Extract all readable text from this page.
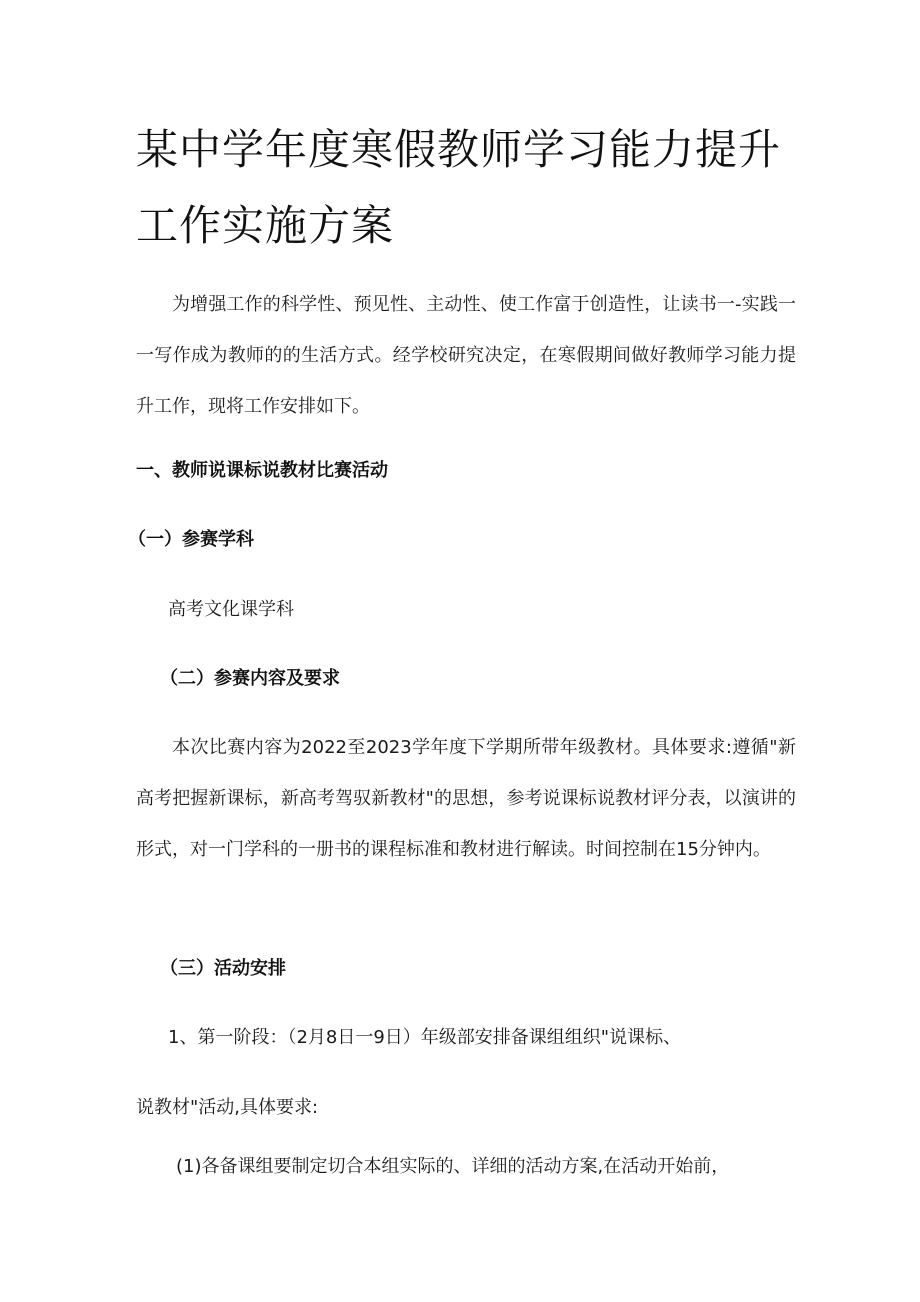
某中学年度寒假教师学习能力提升工作实施方案

为增强工作的科学性、预见性、主动性、使工作富于创造性，让读书一-实践一一写作成为教师的的生活方式。经学校研究决定，在寒假期间做好教师学习能力提升工作，现将工作安排如下。

一、教师说课标说教材比赛活动
（一）参赛学科

高考文化课学科

（二）参赛内容及要求

本次比赛内容为2022至2023学年度下学期所带年级教材。具体要求:遵循"新高考把握新课标，新高考驾驭新教材"的思想，参考说课标说教材评分表，以演讲的形式，对一门学科的一册书的课程标准和教材进行解读。时间控制在15分钟内。

（三）活动安排

1、第一阶段：（2月8日一9日）年级部安排备课组组织"说课标、

说教材"活动,具体要求:

(1)各备课组要制定切合本组实际的、详细的活动方案,在活动开始前，
